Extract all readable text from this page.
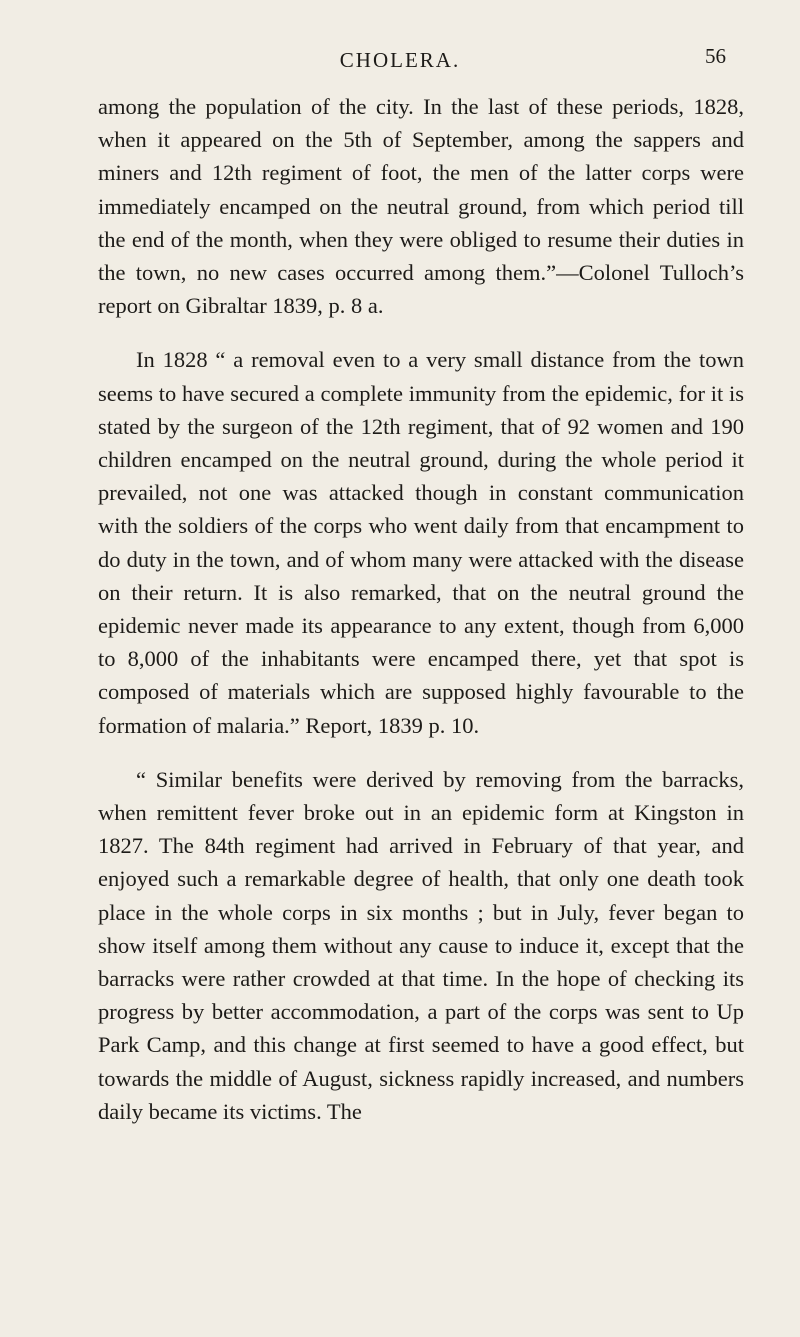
CHOLERA.	56

among the population of the city. In the last of these periods, 1828, when it appeared on the 5th of September, among the sappers and miners and 12th regiment of foot, the men of the latter corps were immediately encamped on the neutral ground, from which period till the end of the month, when they were obliged to resume their duties in the town, no new cases occurred among them.”—Colonel Tulloch’s report on Gibraltar 1839, p. 8 a.

In 1828 “ a removal even to a very small distance from the town seems to have secured a complete immunity from the epidemic, for it is stated by the surgeon of the 12th regiment, that of 92 women and 190 children encamped on the neutral ground, during the whole period it prevailed, not one was attacked though in constant communication with the soldiers of the corps who went daily from that encampment to do duty in the town, and of whom many were attacked with the disease on their return. It is also remarked, that on the neutral ground the epidemic never made its appearance to any extent, though from 6,000 to 8,000 of the inhabitants were encamped there, yet that spot is composed of materials which are supposed highly favourable to the formation of malaria.” Report, 1839 p. 10.

“ Similar benefits were derived by removing from the barracks, when remittent fever broke out in an epidemic form at Kingston in 1827. The 84th regiment had arrived in February of that year, and enjoyed such a remarkable degree of health, that only one death took place in the whole corps in six months ; but in July, fever began to show itself among them without any cause to induce it, except that the barracks were rather crowded at that time. In the hope of checking its progress by better accommodation, a part of the corps was sent to Up Park Camp, and this change at first seemed to have a good effect, but towards the middle of August, sickness rapidly increased, and numbers daily became its victims. The
